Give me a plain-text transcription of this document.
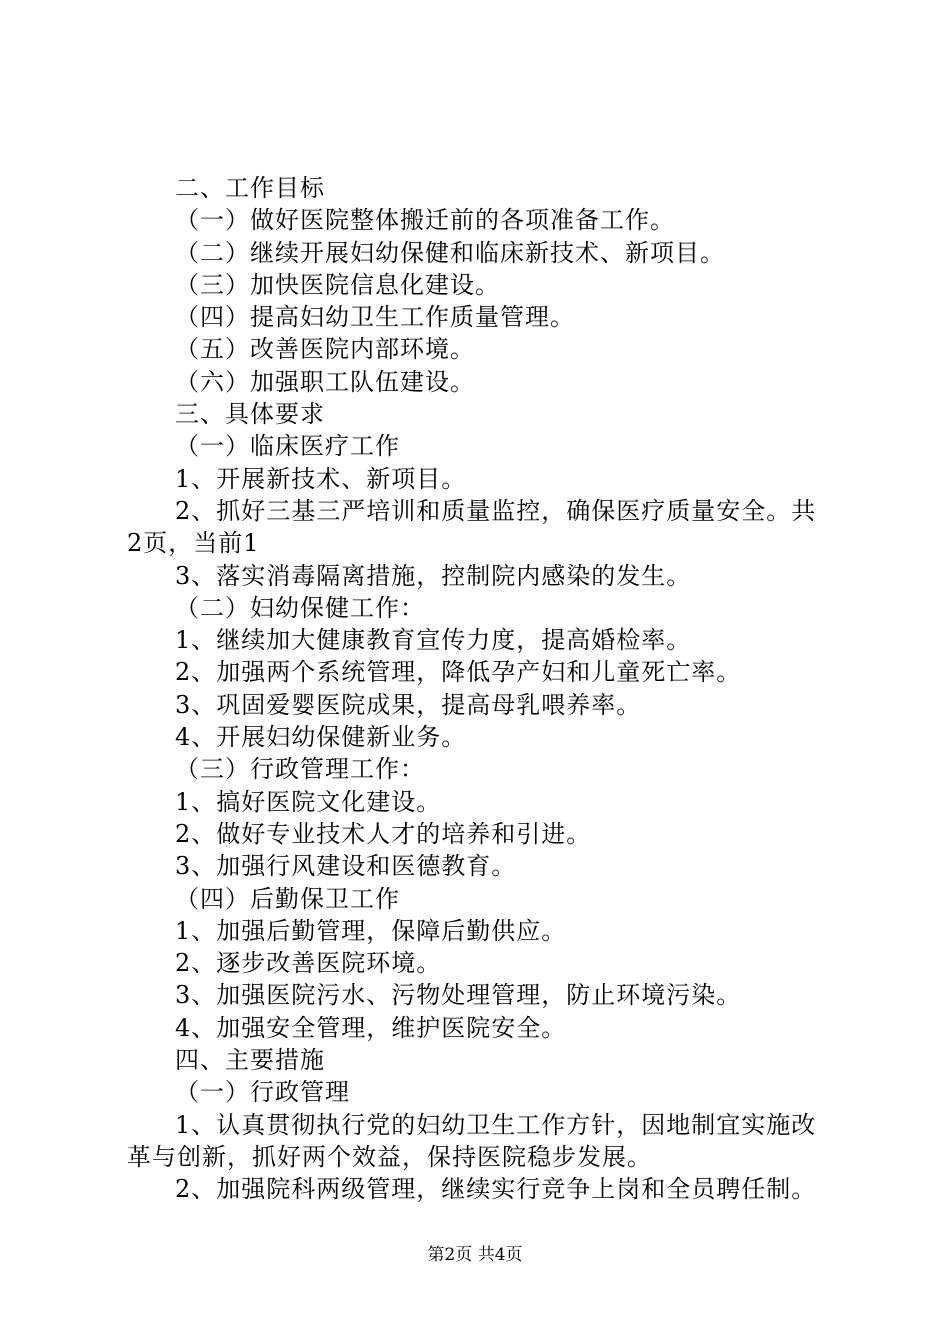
二、工作目标
（一）做好医院整体搬迁前的各项准备工作。
（二）继续开展妇幼保健和临床新技术、新项目。
（三）加快医院信息化建设。
（四）提高妇幼卫生工作质量管理。
（五）改善医院内部环境。
（六）加强职工队伍建设。
三、具体要求
（一）临床医疗工作
1、开展新技术、新项目。
2、抓好三基三严培训和质量监控，确保医疗质量安全。共
2页，当前1
3、落实消毒隔离措施，控制院内感染的发生。
（二）妇幼保健工作：
1、继续加大健康教育宣传力度，提高婚检率。
2、加强两个系统管理，降低孕产妇和儿童死亡率。
3、巩固爱婴医院成果，提高母乳喂养率。
4、开展妇幼保健新业务。
（三）行政管理工作：
1、搞好医院文化建设。
2、做好专业技术人才的培养和引进。
3、加强行风建设和医德教育。
（四）后勤保卫工作
1、加强后勤管理，保障后勤供应。
2、逐步改善医院环境。
3、加强医院污水、污物处理管理，防止环境污染。
4、加强安全管理，维护医院安全。
四、主要措施
（一）行政管理
1、认真贯彻执行党的妇幼卫生工作方针，因地制宜实施改
革与创新，抓好两个效益，保持医院稳步发展。
2、加强院科两级管理，继续实行竞争上岗和全员聘任制。
第2页 共4页
